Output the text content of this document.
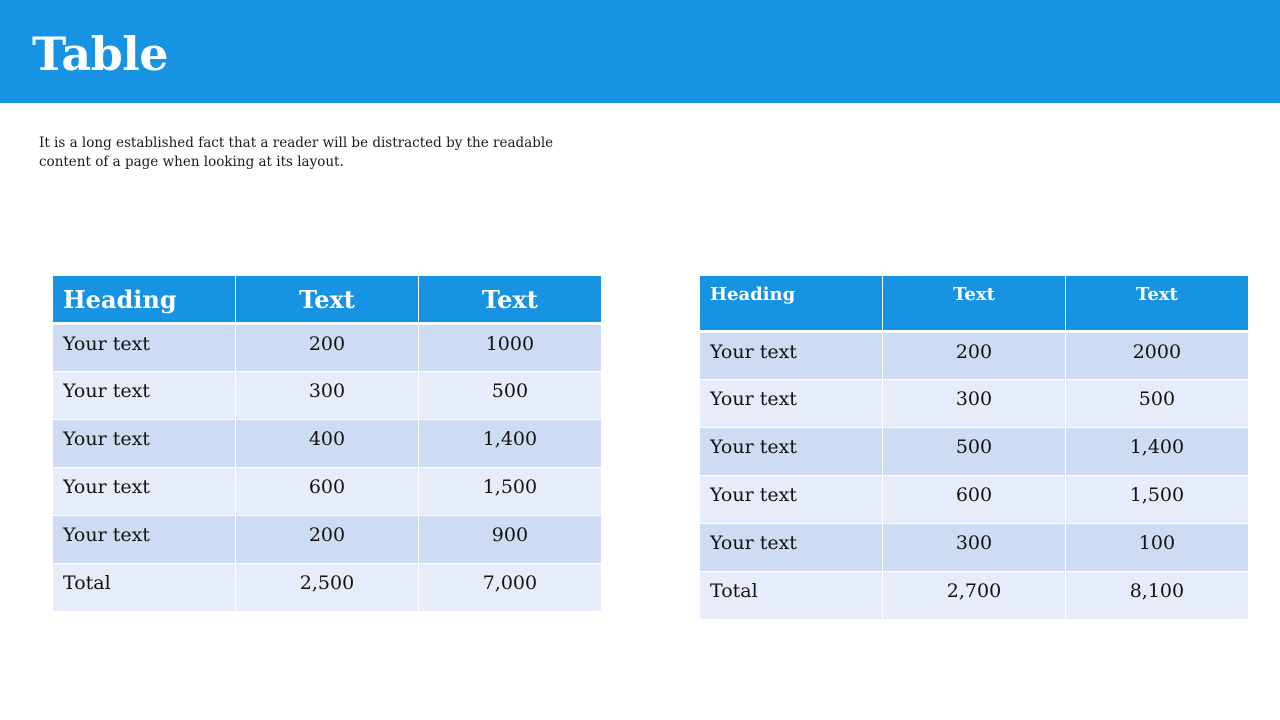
Table

It is a long established fact that a reader will be distracted by the readable content of a page when looking at its layout.

Heading	Text	Text
Your text	200	1000
Your text	300	500
Your text	400	1,400
Your text	600	1,500
Your text	200	900
Total	2,500	7,000
Heading	Text	Text
Your text	200	2000
Your text	300	500
Your text	500	1,400
Your text	600	1,500
Your text	300	100
Total	2,700	8,100
